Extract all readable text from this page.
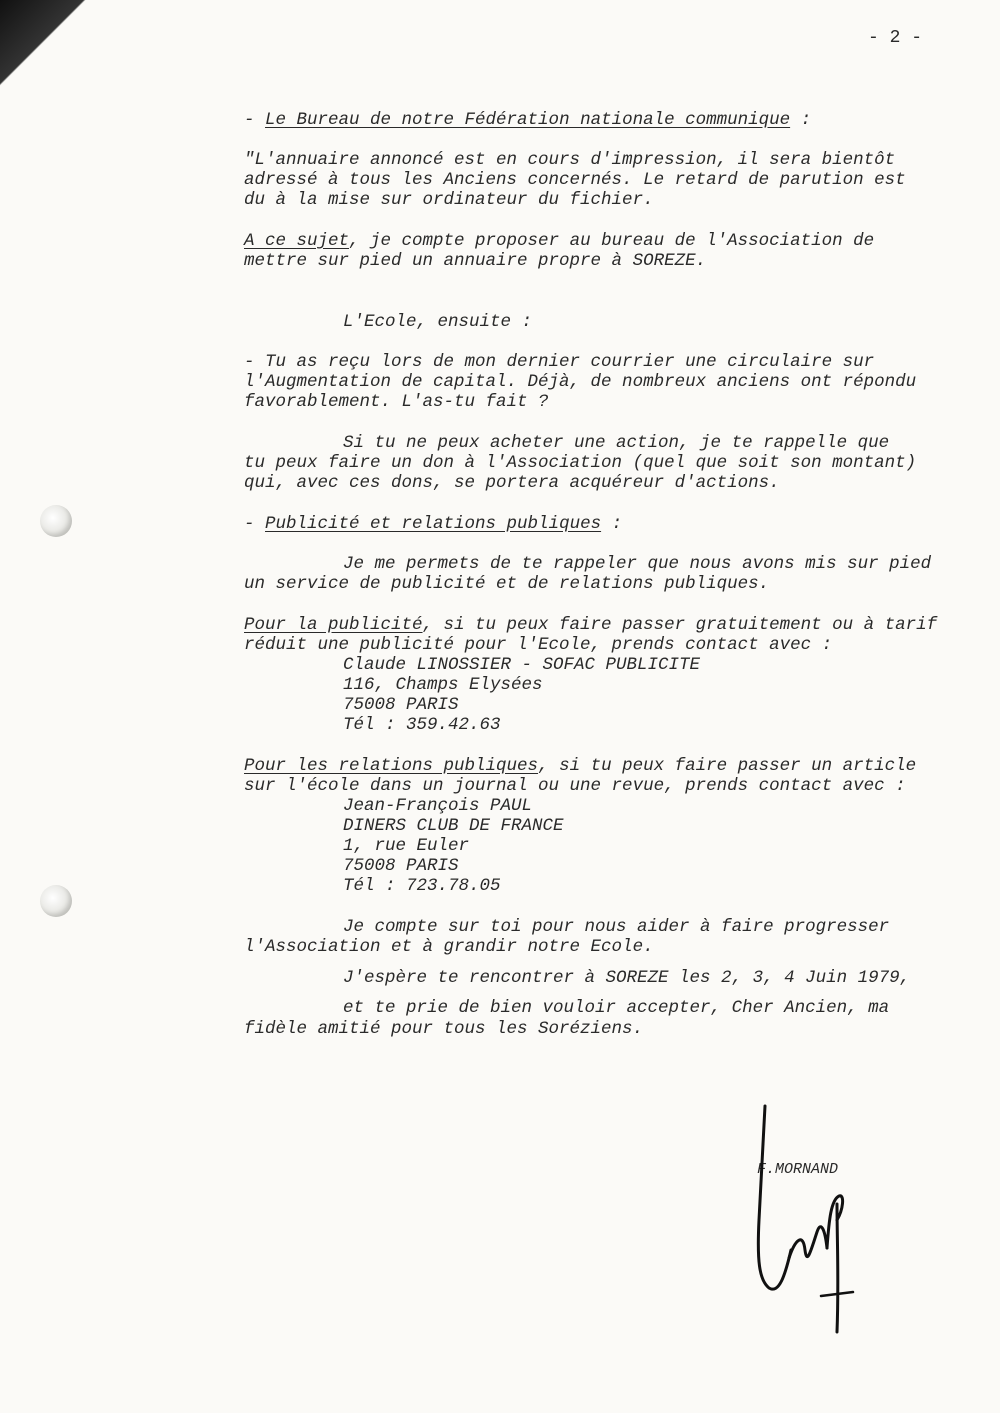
- 2 -
- Le Bureau de notre Fédération nationale communique :
"L'annuaire annoncé est en cours d'impression, il sera bientôt
adressé à tous les Anciens concernés. Le retard de parution est
du à la mise sur ordinateur du fichier.
A ce sujet, je compte proposer au bureau de l'Association de
mettre sur pied un annuaire propre à SOREZE.
L'Ecole, ensuite :
- Tu as reçu lors de mon dernier courrier une circulaire sur
l'Augmentation de capital. Déjà, de nombreux anciens ont répondu
favorablement. L'as-tu fait ?
Si tu ne peux acheter une action, je te rappelle que
tu peux faire un don à l'Association (quel que soit son montant)
qui, avec ces dons, se portera acquéreur d'actions.
- Publicité et relations publiques :
Je me permets de te rappeler que nous avons mis sur pied
un service de publicité et de relations publiques.
Pour la publicité, si tu peux faire passer gratuitement ou à tarif
réduit une publicité pour l'Ecole, prends contact avec :
Claude LINOSSIER - SOFAC PUBLICITE
116, Champs Elysées
75008 PARIS
Tél : 359.42.63
Pour les relations publiques, si tu peux faire passer un article
sur l'école dans un journal ou une revue, prends contact avec :
Jean-François PAUL
DINERS CLUB DE FRANCE
1, rue Euler
75008 PARIS
Tél : 723.78.05
Je compte sur toi pour nous aider à faire progresser
l'Association et à grandir notre Ecole.
J'espère te rencontrer à SOREZE les 2, 3, 4 Juin 1979,
et te prie de bien vouloir accepter, Cher Ancien, ma
fidèle amitié pour tous les Soréziens.
F.MORNAND
